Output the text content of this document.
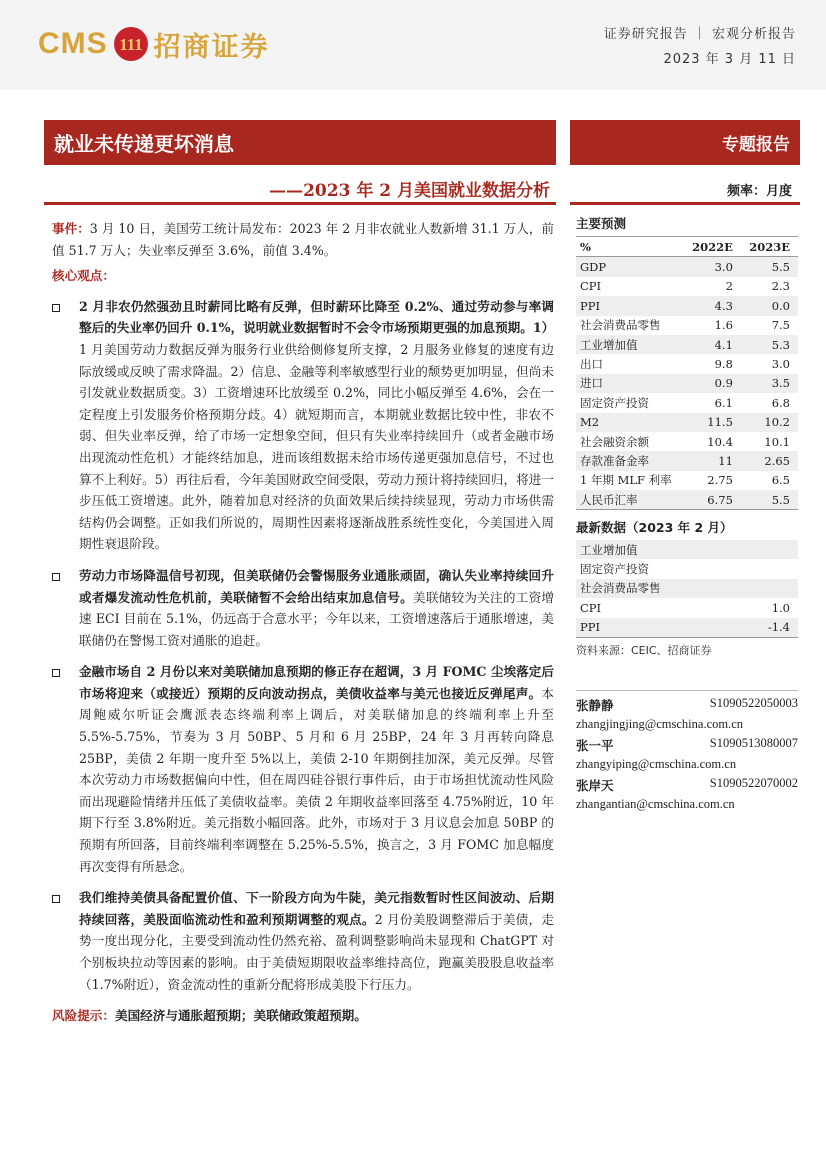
CMS 111 招商证券	证券研究报告 ｜ 宏观分析报告
2023 年 3 月 11 日
就业未传递更坏消息	专题报告
——2023 年 2 月美国就业数据分析	频率：月度

事件：3 月 10 日，美国劳工统计局发布：2023 年 2 月非农就业人数新增 31.1 万人，前值 51.7 万人；失业率反弹至 3.6%，前值 3.4%。

核心观点：
2 月非农仍然强劲且时薪同比略有反弹，但时薪环比降至 0.2%、通过劳动参与率调整后的失业率仍回升 0.1%，说明就业数据暂时不会令市场预期更强的加息预期。1）1 月美国劳动力数据反弹为服务行业供给侧修复所支撑，2 月服务业修复的速度有边际放缓或反映了需求降温。2）信息、金融等利率敏感型行业的颓势更加明显，但尚未引发就业数据质变。3）工资增速环比放缓至 0.2%，同比小幅反弹至 4.6%，会在一定程度上引发服务价格预期分歧。4）就短期而言，本期就业数据比较中性，非农不弱、但失业率反弹，给了市场一定想象空间，但只有失业率持续回升（或者金融市场出现流动性危机）才能终结加息，进而该组数据未给市场传递更强加息信号，不过也算不上利好。5）再往后看，今年美国财政空间受限，劳动力预计将持续回归，将进一步压低工资增速。此外，随着加息对经济的负面效果后续持续显现，劳动力市场供需结构仍会调整。正如我们所说的，周期性因素将逐渐战胜系统性变化，今美国进入周期性衰退阶段。
劳动力市场降温信号初现，但美联储仍会警惕服务业通胀顽固，确认失业率持续回升或者爆发流动性危机前，美联储暂不会给出结束加息信号。美联储较为关注的工资增速 ECI 目前在 5.1%，仍远高于合意水平；今年以来，工资增速落后于通胀增速，美联储仍在警惕工资对通胀的追赶。
金融市场自 2 月份以来对美联储加息预期的修正存在超调，3 月 FOMC 尘埃落定后市场将迎来（或接近）预期的反向波动拐点，美债收益率与美元也接近反弹尾声。本周鲍威尔听证会鹰派表态终端利率上调后，对美联储加息的终端利率上升至 5.5%-5.75%，节奏为 3 月 50BP、5 月和 6 月 25BP，24 年 3 月再转向降息 25BP，美债 2 年期一度升至 5%以上，美债 2-10 年期倒挂加深，美元反弹。尽管本次劳动力市场数据偏向中性，但在周四硅谷银行事件后，由于市场担忧流动性风险而出现避险情绪并压低了美债收益率。美债 2 年期收益率回落至 4.75%附近，10 年期下行至 3.8%附近。美元指数小幅回落。此外，市场对于 3 月议息会加息 50BP 的预期有所回落，目前终端利率调整在 5.25%-5.5%，换言之，3 月 FOMC 加息幅度再次变得有所悬念。
我们维持美债具备配置价值、下一阶段方向为牛陡，美元指数暂时性区间波动、后期持续回落，美股面临流动性和盈利预期调整的观点。2 月份美股调整滞后于美债，走势一度出现分化，主要受到流动性仍然充裕、盈利调整影响尚未显现和 ChatGPT 对个别板块拉动等因素的影响。由于美债短期限收益率维持高位，跑赢美股股息收益率（1.7%附近），资金流动性的重新分配将形成美股下行压力。
风险提示：美国经济与通胀超预期；美联储政策超预期。
主要预测
%	2022E	2023E
GDP	3.0	5.5
CPI	2	2.3
PPI	4.3	0.0
社会消费品零售	1.6	7.5
工业增加值	4.1	5.3
出口	9.8	3.0
进口	0.9	3.5
固定资产投资	6.1	6.8
M2	11.5	10.2
社会融资余额	10.4	10.1
存款准备金率	11	2.65
1 年期 MLF 利率	2.75	6.5
人民币汇率	6.75	5.5
最新数据（2023 年 2 月）
工业增加值	
固定资产投资	
社会消费品零售	
CPI	1.0
PPI	-1.4
资料来源：CEIC、招商证券
张静静	S1090522050003
zhangjingjing@cmschina.com.cn
张一平	S1090513080007
zhangyiping@cmschina.com.cn
张岸天	S1090522070002
zhangantian@cmschina.com.cn
